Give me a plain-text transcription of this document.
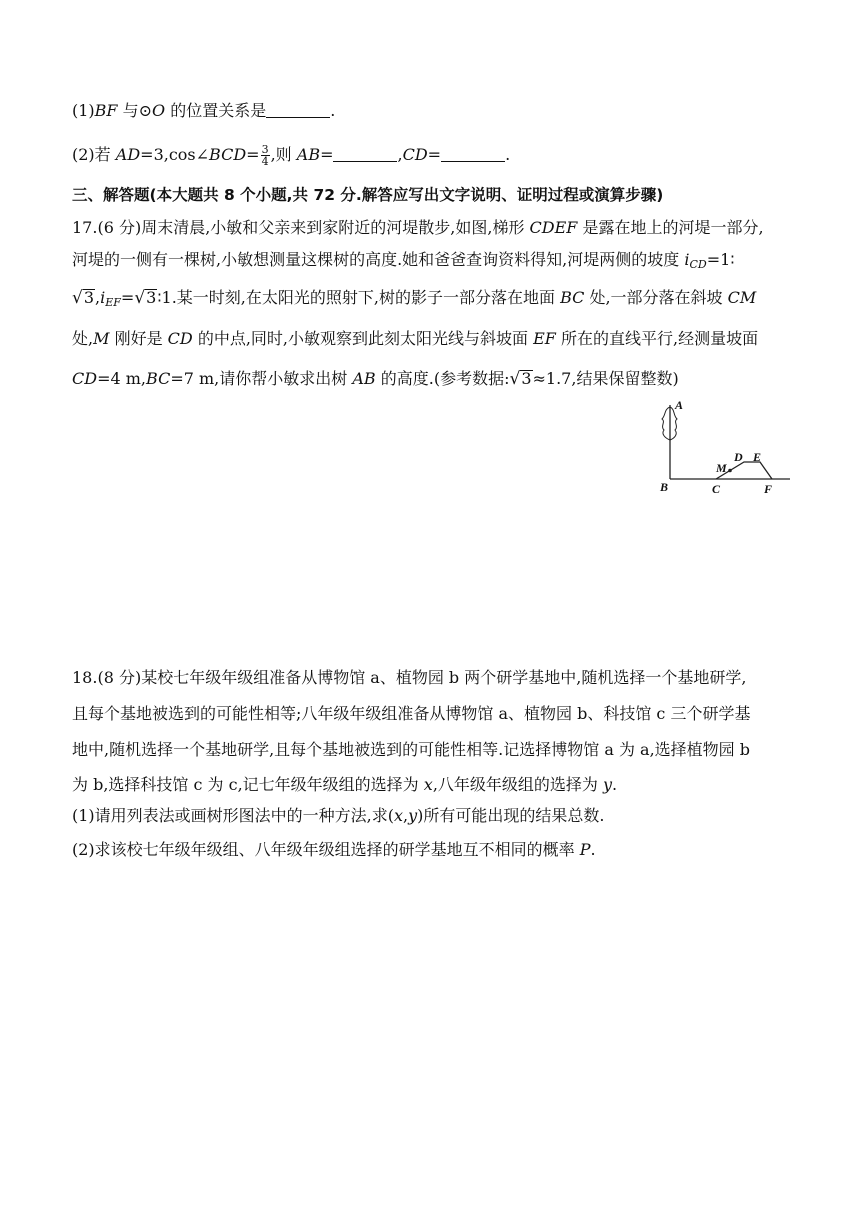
(1)BF 与⊙O 的位置关系是	.
(2)若 AD=3,cos∠BCD= $\frac{3}{4}$ ,则 AB=	,CD=	.
三、解答题(本大题共 8 个小题,共 72 分.解答应写出文字说明、证明过程或演算步骤)
17.(6 分)周末清晨,小敏和父亲来到家附近的河堤散步,如图,梯形 CDEF 是露在地上的河堤一部分,
河堤的一侧有一棵树,小敏想测量这棵树的高度.她和爸爸查询资料得知,河堤两侧的坡度 $i_{CD}=1∶$
$√3,i_{EF}=√3∶1$.某一时刻,在太阳光的照射下,树的影子一部分落在地面 BC 处,一部分落在斜坡 CM
处,M 刚好是 CD 的中点,同时,小敏观察到此刻太阳光线与斜坡面 EF 所在的直线平行,经测量坡面
CD=4 m,BC=7 m,请你帮小敏求出树 AB 的高度.(参考数据:√3≈1.7,结果保留整数)
A
B	C
D E
F
M
18.(8 分)某校七年级年级组准备从博物馆 a、植物园 b 两个研学基地中,随机选择一个基地研学,
且每个基地被选到的可能性相等;八年级年级组准备从博物馆 a、植物园 b、科技馆 c 三个研学基
地中,随机选择一个基地研学,且每个基地被选到的可能性相等.记选择博物馆 a 为 a,选择植物园 b
为 b,选择科技馆 c 为 c,记七年级年级组的选择为 x,八年级年级组的选择为 y.
(1)请用列表法或画树形图法中的一种方法,求(x,y)所有可能出现的结果总数.
(2)求该校七年级年级组、八年级年级组选择的研学基地互不相同的概率 P.
